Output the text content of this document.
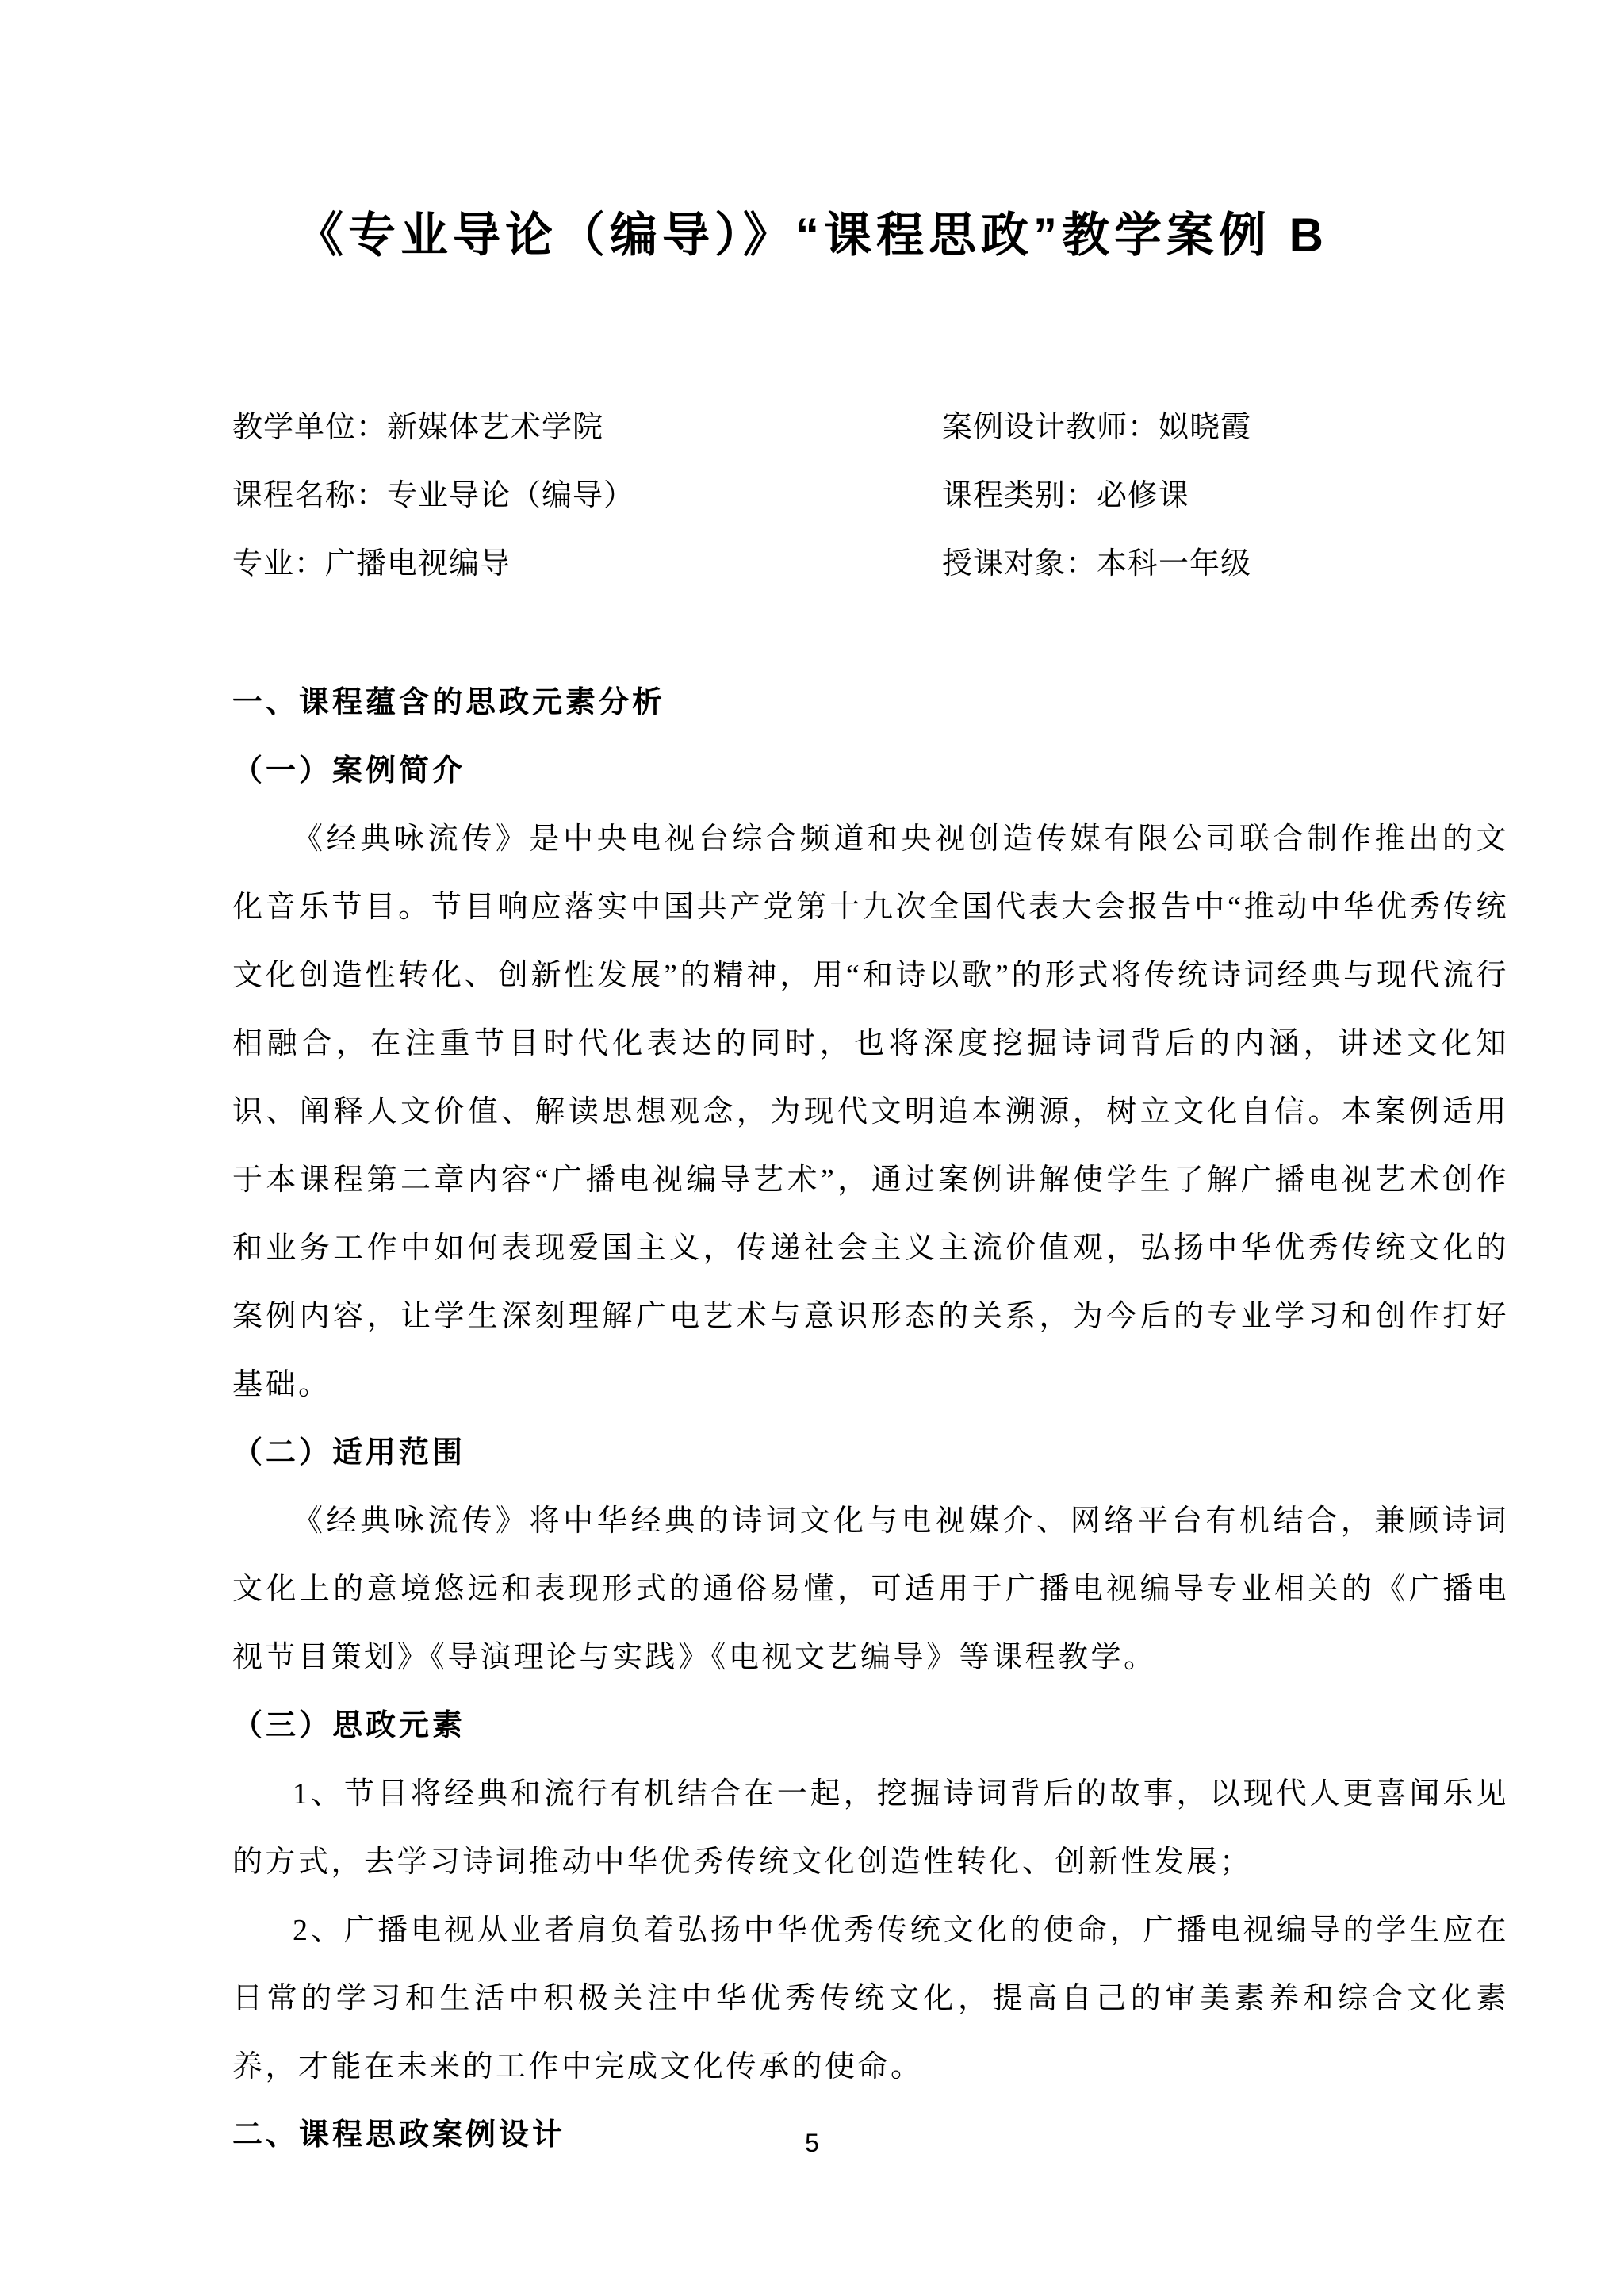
《专业导论（编导）》“课程思政”教学案例 B
教学单位：新媒体艺术学院	案例设计教师：姒晓霞
课程名称：专业导论（编导）	课程类别：必修课
专业：广播电视编导	授课对象：本科一年级

一、课程蕴含的思政元素分析

（一）案例简介

《经典咏流传》是中央电视台综合频道和央视创造传媒有限公司联合制作推出的文化音乐节目。节目响应落实中国共产党第十九次全国代表大会报告中“推动中华优秀传统文化创造性转化、创新性发展”的精神，用“和诗以歌”的形式将传统诗词经典与现代流行相融合，在注重节目时代化表达的同时，也将深度挖掘诗词背后的内涵，讲述文化知识、阐释人文价值、解读思想观念，为现代文明追本溯源，树立文化自信。本案例适用于本课程第二章内容“广播电视编导艺术”，通过案例讲解使学生了解广播电视艺术创作和业务工作中如何表现爱国主义，传递社会主义主流价值观，弘扬中华优秀传统文化的案例内容，让学生深刻理解广电艺术与意识形态的关系，为今后的专业学习和创作打好基础。

（二）适用范围

《经典咏流传》将中华经典的诗词文化与电视媒介、网络平台有机结合，兼顾诗词文化上的意境悠远和表现形式的通俗易懂，可适用于广播电视编导专业相关的《广播电视节目策划》《导演理论与实践》《电视文艺编导》等课程教学。

（三）思政元素

1、节目将经典和流行有机结合在一起，挖掘诗词背后的故事，以现代人更喜闻乐见的方式，去学习诗词推动中华优秀传统文化创造性转化、创新性发展；

2、广播电视从业者肩负着弘扬中华优秀传统文化的使命，广播电视编导的学生应在日常的学习和生活中积极关注中华优秀传统文化，提高自己的审美素养和综合文化素养，才能在未来的工作中完成文化传承的使命。

二、课程思政案例设计	5
